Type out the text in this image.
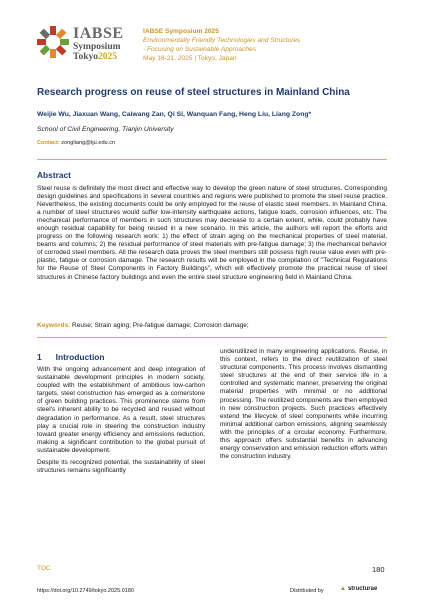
IABSE
Symposium
Tokyo2025
IABSE Symposium 2025
Environmentally Friendly Technologies and Structures
- Focusing on Sustainable Approaches
May 18-21, 2025 | Tokyo, Japan
Research progress on reuse of steel structures in Mainland China
Weijie Wu, Jiaxuan Wang, Caiwang Zan, Qi Si, Wanquan Fang, Heng Liu, Liang Zong*
School of Civil Engineering, Tianjin University
Contact: zongliang@tju.edu.cn
Abstract
Steel reuse is definitely the most direct and effective way to develop the green nature of steel structures. Corresponding design guidelines and specifications in several countries and regions were published to promote the steel reuse practice. Nevertheless, the existing documents could be only employed for the reuse of elastic steel members. In Mainland China, a number of steel structures would suffer low-intensity earthquake actions, fatigue loads, corrosion influences, etc. The mechanical performance of members in such structures may decrease to a certain extent, while, could probably have enough residual capability for being reused in a new scenario. In this article, the authors will report the efforts and progress on the following research work: 1) the effect of strain aging on the mechanical properties of steel material, beams and columns; 2) the residual performance of steel materials with pre-fatigue damage; 3) the mechanical behavior of corroded steel members. All the research data proves the steel members still possess high reuse value even with pre-plastic, fatigue or corrosion damage. The research results will be employed in the compilation of "Technical Regulations for the Reuse of Steel Components in Factory Buildings", which will effectively promote the practical reuse of steel structures in Chinese factory buildings and even the entire steel structure engineering field in Mainland China.
Keywords: Reuse; Strain aging; Pre-fatigue damage; Corrosion damage;
1 Introduction

With the ongoing advancement and deep integration of sustainable development principles in modern society, coupled with the establishment of ambitious low-carbon targets, steel construction has emerged as a cornerstone of green building practices. This prominence stems from steel's inherent ability to be recycled and reused without degradation in performance. As a result, steel structures play a crucial role in steering the construction industry toward greater energy efficiency and emissions reduction, making a significant contribution to the global pursuit of sustainable development.

Despite its recognized potential, the sustainability of steel structures remains significantly

underutilized in many engineering applications. Reuse, in this context, refers to the direct reutilization of steel structural components. This process involves dismantling steel structures at the end of their service life in a controlled and systematic manner, preserving the original material properties with minimal or no additional processing. The reutilized components are then employed in new construction projects. Such practices effectively extend the lifecycle of steel components while incurring minimal additional carbon emissions, aligning seamlessly with the principles of a circular economy. Furthermore, this approach offers substantial benefits in advancing energy conservation and emission reduction efforts within the construction industry.

TOC	180
https://doi.org/10.2749/tokyo.2025.0180	Distributed by	▲ structurae
